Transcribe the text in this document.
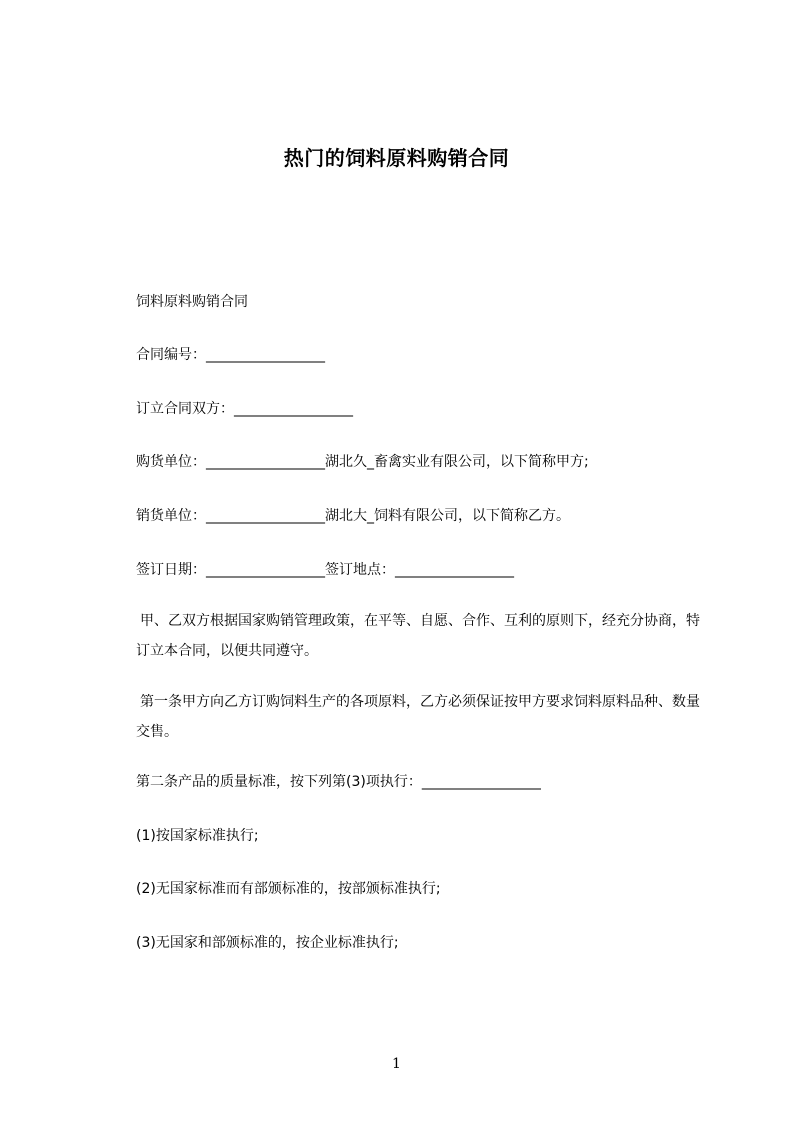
热门的饲料原料购销合同
饲料原料购销合同
合同编号：_________________
订立合同双方：_________________
购货单位：_________________湖北久_畜禽实业有限公司，以下简称甲方;
销货单位：_________________湖北大_饲料有限公司，以下简称乙方。
签订日期：_________________签订地点：_________________
甲、乙双方根据国家购销管理政策，在平等、自愿、合作、互利的原则下，经充分协商，特订立本合同，以便共同遵守。
第一条甲方向乙方订购饲料生产的各项原料，乙方必须保证按甲方要求饲料原料品种、数量交售。
第二条产品的质量标准，按下列第(3)项执行：_________________
(1)按国家标准执行;
(2)无国家标准而有部颁标准的，按部颁标准执行;
(3)无国家和部颁标准的，按企业标准执行;
1
